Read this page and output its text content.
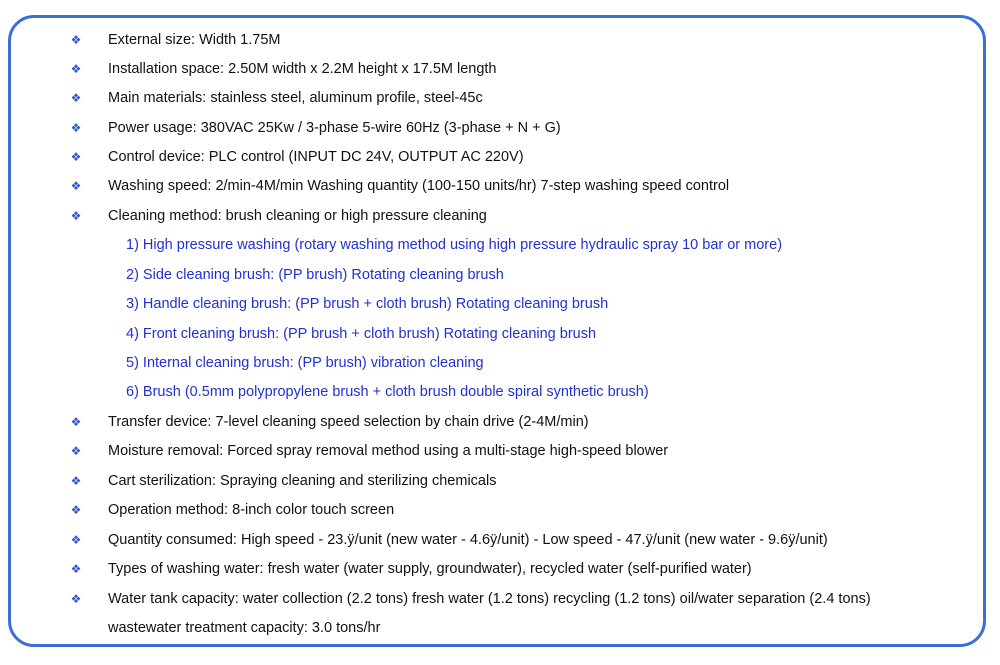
❖ External size: Width 1.75M
❖ Installation space: 2.50M width x 2.2M height x 17.5M length
❖ Main materials: stainless steel, aluminum profile, steel-45c
❖ Power usage: 380VAC 25Kw / 3-phase 5-wire 60Hz (3-phase + N + G)
❖ Control device: PLC control (INPUT DC 24V, OUTPUT AC 220V)
❖ Washing speed: 2/min-4M/min Washing quantity (100-150 units/hr) 7-step washing speed control
❖ Cleaning method: brush cleaning or high pressure cleaning
1) High pressure washing (rotary washing method using high pressure hydraulic spray 10 bar or more)
2) Side cleaning brush: (PP brush) Rotating cleaning brush
3) Handle cleaning brush: (PP brush + cloth brush) Rotating cleaning brush
4) Front cleaning brush: (PP brush + cloth brush) Rotating cleaning brush
5) Internal cleaning brush: (PP brush) vibration cleaning
6) Brush (0.5mm polypropylene brush + cloth brush double spiral synthetic brush)
❖ Transfer device: 7-level cleaning speed selection by chain drive (2-4M/min)
❖ Moisture removal: Forced spray removal method using a multi-stage high-speed blower
❖ Cart sterilization: Spraying cleaning and sterilizing chemicals
❖ Operation method: 8-inch color touch screen
❖ Quantity consumed: High speed - 23.ÿ/unit (new water - 4.6ÿ/unit) - Low speed - 47.ÿ/unit (new water - 9.6ÿ/unit)
❖ Types of washing water: fresh water (water supply, groundwater), recycled water (self-purified water)
❖ Water tank capacity: water collection (2.2 tons) fresh water (1.2 tons) recycling (1.2 tons) oil/water separation (2.4 tons)
wastewater treatment capacity: 3.0 tons/hr
